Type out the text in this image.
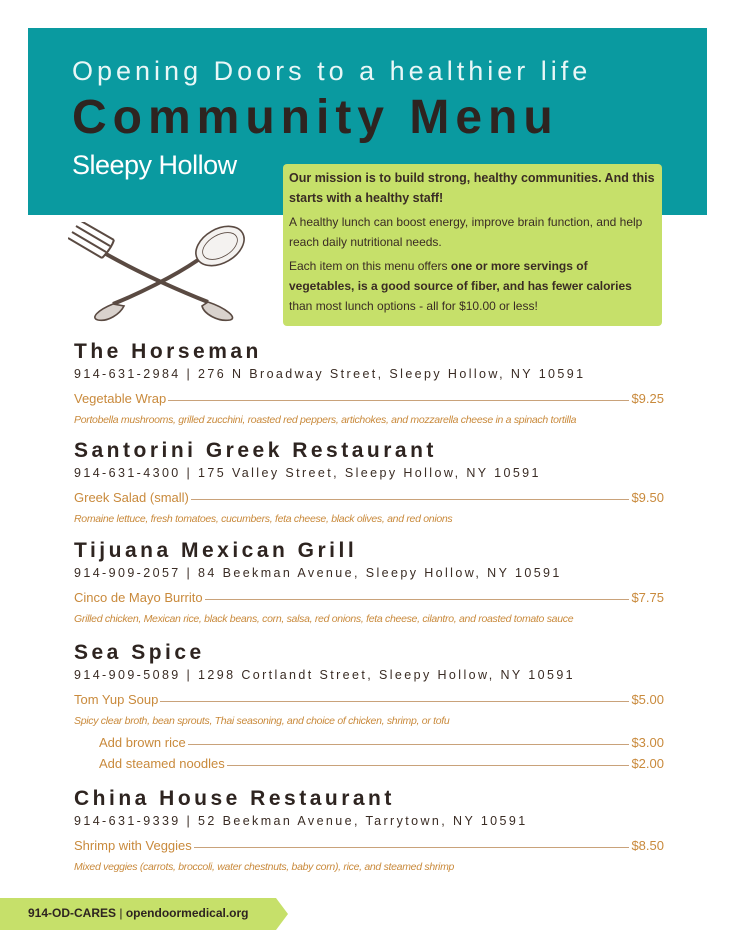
Opening Doors to a healthier life
Community Menu
Sleepy Hollow	Our mission is to build strong, healthy communities. And this starts with a healthy staff!

A healthy lunch can boost energy, improve brain function, and help reach daily nutritional needs.

Each item on this menu offers one or more servings of vegetables, is a good source of fiber, and has fewer calories than most lunch options - all for $10.00 or less!

The Horseman
914-631-2984 | 276 N Broadway Street, Sleepy Hollow, NY 10591
Vegetable Wrap	$9.25
Portobella mushrooms, grilled zucchini, roasted red peppers, artichokes, and mozzarella cheese in a spinach tortilla
Santorini Greek Restaurant
914-631-4300 | 175 Valley Street, Sleepy Hollow, NY 10591
Greek Salad (small)	$9.50
Romaine lettuce, fresh tomatoes, cucumbers, feta cheese, black olives, and red onions
Tijuana Mexican Grill
914-909-2057 | 84 Beekman Avenue, Sleepy Hollow, NY 10591
Cinco de Mayo Burrito	$7.75
Grilled chicken, Mexican rice, black beans, corn, salsa, red onions, feta cheese, cilantro, and roasted tomato sauce
Sea Spice
914-909-5089 | 1298 Cortlandt Street, Sleepy Hollow, NY 10591
Tom Yup Soup	$5.00
Spicy clear broth, bean sprouts, Thai seasoning, and choice of chicken, shrimp, or tofu
Add brown rice	$3.00
Add steamed noodles	$2.00
China House Restaurant
914-631-9339 | 52 Beekman Avenue, Tarrytown, NY 10591
Shrimp with Veggies	$8.50
Mixed veggies (carrots, broccoli, water chestnuts, baby corn), rice, and steamed shrimp
914-OD-CARES | opendoormedical.org
